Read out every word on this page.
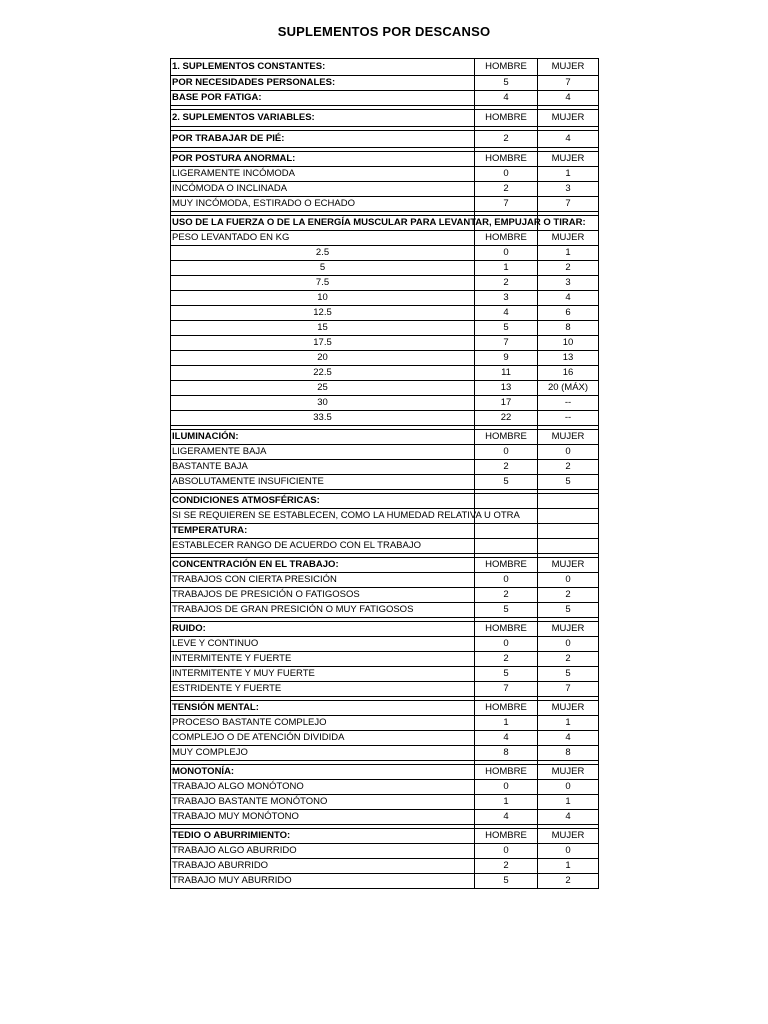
SUPLEMENTOS POR DESCANSO
1. SUPLEMENTOS CONSTANTES:	HOMBRE	MUJER
POR NECESIDADES PERSONALES:	5	7
BASE POR FATIGA:	4	4

2. SUPLEMENTOS VARIABLES:	HOMBRE	MUJER

POR TRABAJAR DE PIÉ:	2	4

POR POSTURA ANORMAL:	HOMBRE	MUJER
LIGERAMENTE INCÓMODA	0	1
INCÓMODA O INCLINADA	2	3
MUY INCÓMODA, ESTIRADO O ECHADO	7	7

USO DE LA FUERZA O DE LA ENERGÍA MUSCULAR PARA LEVANTAR, EMPUJAR O TIRAR:		
PESO LEVANTADO EN KG	HOMBRE	MUJER
2.5	0	1
5	1	2
7.5	2	3
10	3	4
12.5	4	6
15	5	8
17.5	7	10
20	9	13
22.5	11	16
25	13	20 (MÁX)
30	17	--
33.5	22	--

ILUMINACIÓN:	HOMBRE	MUJER
LIGERAMENTE BAJA	0	0
BASTANTE BAJA	2	2
ABSOLUTAMENTE INSUFICIENTE	5	5

CONDICIONES ATMOSFÉRICAS:		
SI SE REQUIEREN SE ESTABLECEN, COMO LA HUMEDAD RELATIVA U OTRA		
TEMPERATURA:		
ESTABLECER RANGO DE ACUERDO CON EL TRABAJO		

CONCENTRACIÓN EN EL TRABAJO:	HOMBRE	MUJER
TRABAJOS CON CIERTA PRESICIÓN	0	0
TRABAJOS DE PRESICIÓN O FATIGOSOS	2	2
TRABAJOS DE GRAN PRESICIÓN O MUY FATIGOSOS	5	5

RUIDO:	HOMBRE	MUJER
LEVE Y CONTINUO	0	0
INTERMITENTE Y FUERTE	2	2
INTERMITENTE Y MUY FUERTE	5	5
ESTRIDENTE Y FUERTE	7	7

TENSIÓN MENTAL:	HOMBRE	MUJER
PROCESO BASTANTE COMPLEJO	1	1
COMPLEJO O DE ATENCIÓN DIVIDIDA	4	4
MUY COMPLEJO	8	8

MONOTONÍA:	HOMBRE	MUJER
TRABAJO ALGO MONÓTONO	0	0
TRABAJO BASTANTE MONÓTONO	1	1
TRABAJO MUY MONÓTONO	4	4

TEDIO O ABURRIMIENTO:	HOMBRE	MUJER
TRABAJO ALGO ABURRIDO	0	0
TRABAJO ABURRIDO	2	1
TRABAJO MUY ABURRIDO	5	2
